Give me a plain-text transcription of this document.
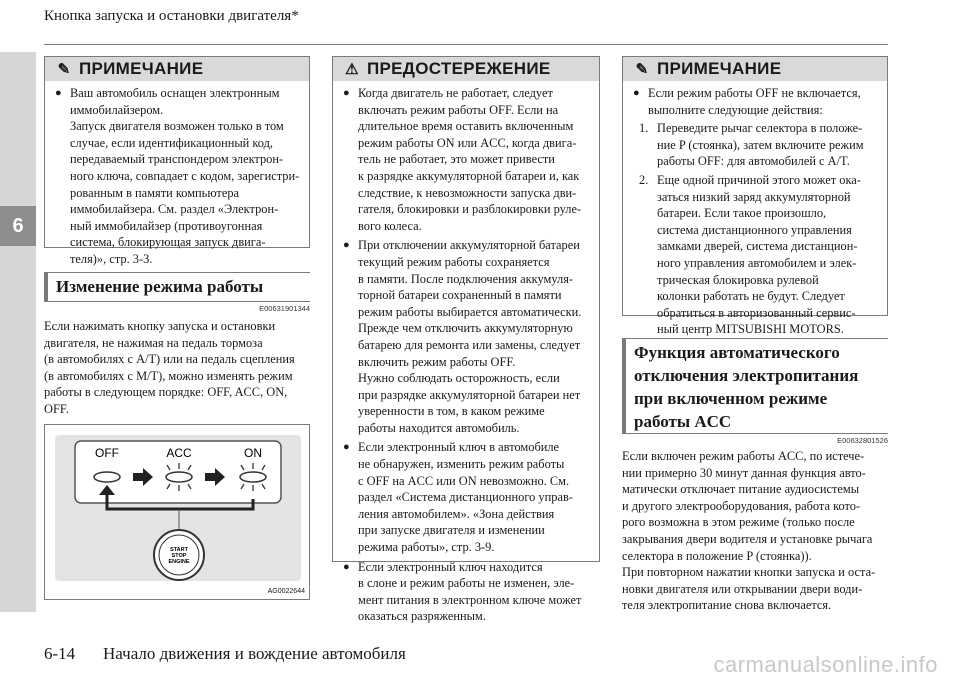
6
Кнопка запуска и остановки двигателя*
✎ ПРИМЕЧАНИЕ
● Ваш автомобиль оснащен электронным
иммобилайзером.
Запуск двигателя возможен только в том
случае, если идентификационный код,
передаваемый транспондером электрон-
ного ключа, совпадает с кодом, зарегистри-
рованным в памяти компьютера
иммобилайзера. См. раздел «Электрон-
ный иммобилайзер (противоугонная
система, блокирующая запуск двига-
теля)», стр. 3-3.
Изменение режима работы
E00631901344
Если нажимать кнопку запуска и остановки
двигателя, не нажимая на педаль тормоза
(в автомобилях с A/T) или на педаль сцепления
(в автомобилях с M/T), можно изменять режим
работы в следующем порядке: OFF, ACC, ON,
OFF.
OFF	ACC	ON
START
STOP
ENGINE
AG0022644
⚠ ПРЕДОСТЕРЕЖЕНИЕ
● Когда двигатель не работает, следует
включать режим работы OFF. Если на
длительное время оставить включенным
режим работы ON или ACC, когда двига-
тель не работает, это может привести
к разрядке аккумуляторной батареи и, как
следствие, к невозможности запуска дви-
гателя, блокировки и разблокировки руле-
вого колеса.
● При отключении аккумуляторной батареи
текущий режим работы сохраняется
в памяти. После подключения аккумуля-
торной батареи сохраненный в памяти
режим работы выбирается автоматически.
Прежде чем отключить аккумуляторную
батарею для ремонта или замены, следует
включить режим работы OFF.
Нужно соблюдать осторожность, если
при разрядке аккумуляторной батареи нет
уверенности в том, в каком режиме
работы находится автомобиль.
● Если электронный ключ в автомобиле
не обнаружен, изменить режим работы
с OFF на ACC или ON невозможно. См.
раздел «Система дистанционного управ-
ления автомобилем». «Зона действия
при запуске двигателя и изменении
режима работы», стр. 3-9.
● Если электронный ключ находится
в слоне и режим работы не изменен, эле-
мент питания в электронном ключе может
оказаться разряженным.
✎ ПРИМЕЧАНИЕ
● Если режим работы OFF не включается,
выполните следующие действия:
1. Переведите рычаг селектора в положе-
ние P (стоянка), затем включите режим
работы OFF: для автомобилей с A/T.
2. Еще одной причиной этого может ока-
заться низкий заряд аккумуляторной
батареи. Если такое произошло,
система дистанционного управления
замками дверей, система дистанцион-
ного управления автомобилем и элек-
трическая блокировка рулевой
колонки работать не будут. Следует
обратиться в авторизованный сервис-
ный центр MITSUBISHI MOTORS.
Функция автоматического
отключения электропитания
при включенном режиме
работы ACC
E00632801526
Если включен режим работы ACC, по истече-
нии примерно 30 минут данная функция авто-
матически отключает питание аудиосистемы
и другого электрооборудования, работа кото-
рого возможна в этом режиме (только после
закрывания двери водителя и установке рычага
селектора в положение P (стоянка)).
При повторном нажатии кнопки запуска и оста-
новки двигателя или открывании двери води-
теля электропитание снова включается.
6-14 Начало движения и вождение автомобиля	carmanualsonline.info
